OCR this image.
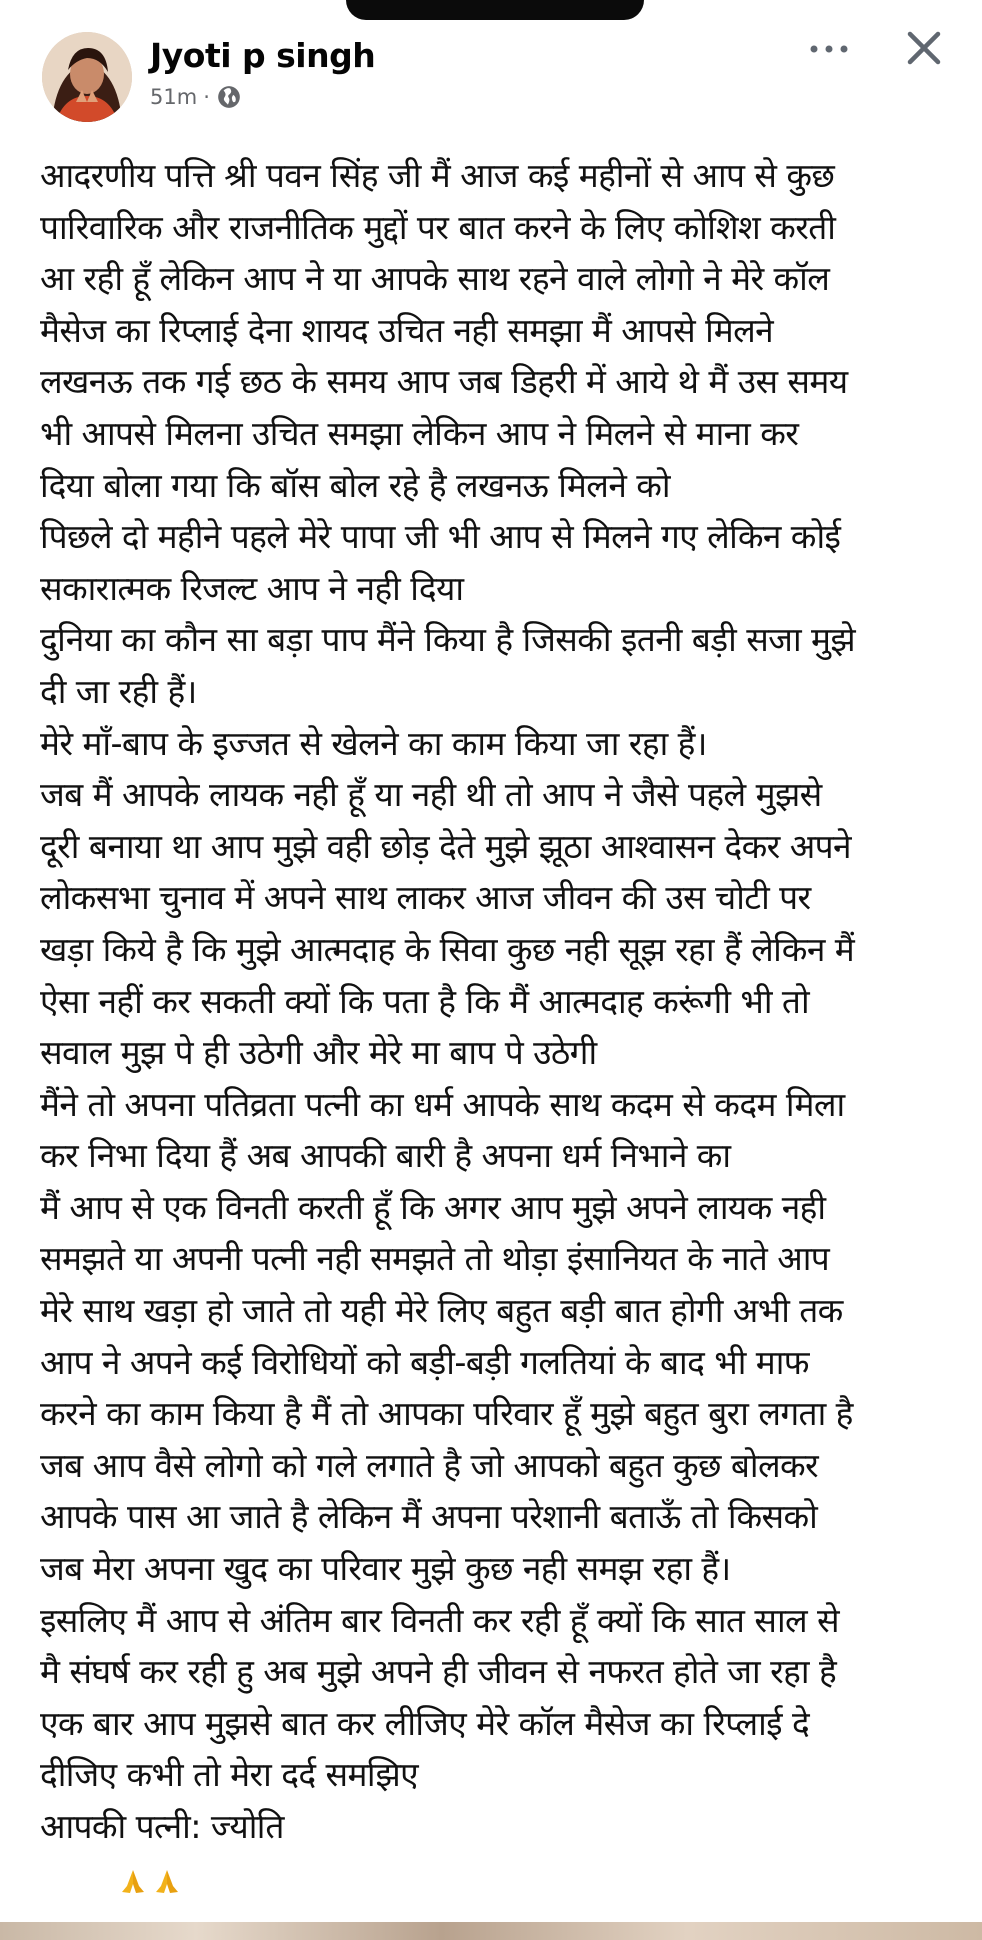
Jyoti p singh
51m ·
आदरणीय पत्ति श्री पवन सिंह जी मैं आज कई महीनों से आप से कुछ
पारिवारिक और राजनीतिक मुद्दों पर बात करने के लिए कोशिश करती
आ रही हूँ लेकिन आप ने या आपके साथ रहने वाले लोगो ने मेरे कॉल
मैसेज का रिप्लाई देना शायद उचित नही समझा मैं आपसे मिलने
लखनऊ तक गई छठ के समय आप जब डिहरी में आये थे मैं उस समय
भी आपसे मिलना उचित समझा लेकिन आप ने मिलने से माना कर
दिया बोला गया कि बॉस बोल रहे है लखनऊ मिलने को
पिछले दो महीने पहले मेरे पापा जी भी आप से मिलने गए लेकिन कोई
सकारात्मक रिजल्ट आप ने नही दिया
दुनिया का कौन सा बड़ा पाप मैंने किया है जिसकी इतनी बड़ी सजा मुझे
दी जा रही हैं।
मेरे माँ-बाप के इज्जत से खेलने का काम किया जा रहा हैं।
जब मैं आपके लायक नही हूँ या नही थी तो आप ने जैसे पहले मुझसे
दूरी बनाया था आप मुझे वही छोड़ देते मुझे झूठा आश्वासन देकर अपने
लोकसभा चुनाव में अपने साथ लाकर आज जीवन की उस चोटी पर
खड़ा किये है कि मुझे आत्मदाह के सिवा कुछ नही सूझ रहा हैं लेकिन मैं
ऐसा नहीं कर सकती क्यों कि पता है कि मैं आत्मदाह करूंगी भी तो
सवाल मुझ पे ही उठेगी और मेरे मा बाप पे उठेगी
मैंने तो अपना पतिव्रता पत्नी का धर्म आपके साथ कदम से कदम मिला
कर निभा दिया हैं अब आपकी बारी है अपना धर्म निभाने का
मैं आप से एक विनती करती हूँ कि अगर आप मुझे अपने लायक नही
समझते या अपनी पत्नी नही समझते तो थोड़ा इंसानियत के नाते आप
मेरे साथ खड़ा हो जाते तो यही मेरे लिए बहुत बड़ी बात होगी अभी तक
आप ने अपने कई विरोधियों को बड़ी-बड़ी गलतियां के बाद भी माफ
करने का काम किया है मैं तो आपका परिवार हूँ मुझे बहुत बुरा लगता है
जब आप वैसे लोगो को गले लगाते है जो आपको बहुत कुछ बोलकर
आपके पास आ जाते है लेकिन मैं अपना परेशानी बताऊँ तो किसको
जब मेरा अपना खुद का परिवार मुझे कुछ नही समझ रहा हैं।
इसलिए मैं आप से अंतिम बार विनती कर रही हूँ क्यों कि सात साल से
मै संघर्ष कर रही हु अब मुझे अपने ही जीवन से नफरत होते जा रहा है
एक बार आप मुझसे बात कर लीजिए मेरे कॉल मैसेज का रिप्लाई दे
दीजिए कभी तो मेरा दर्द समझिए
आपकी पत्नी: ज्योति
